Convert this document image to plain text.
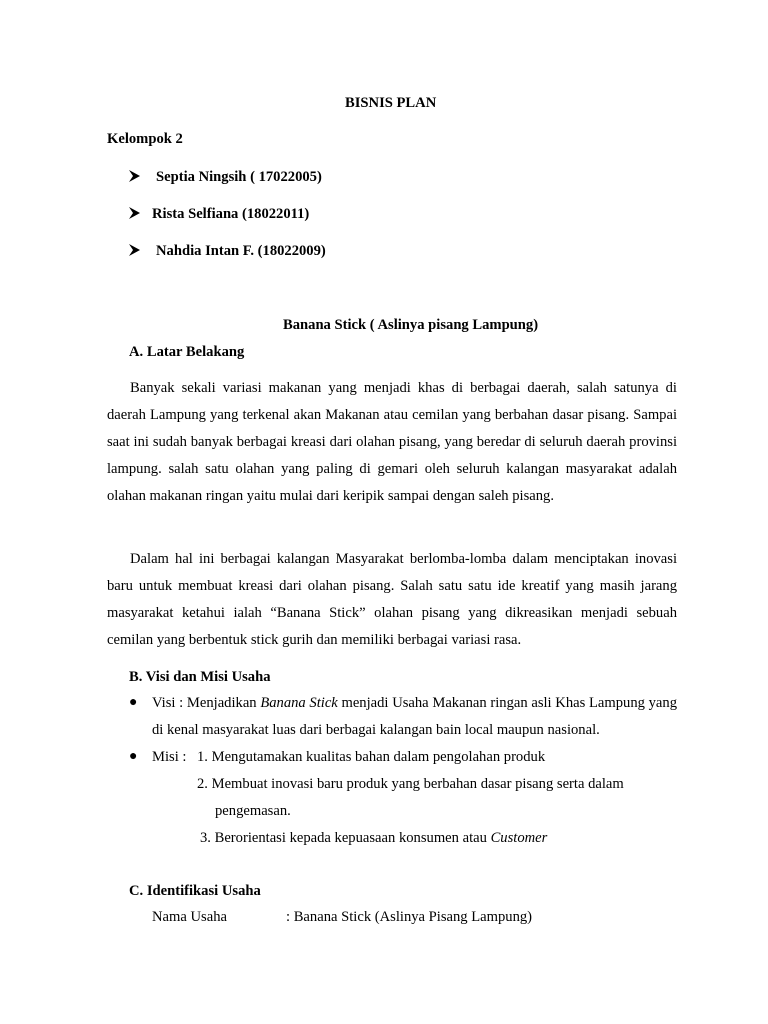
BISNIS PLAN
Kelompok 2
Septia Ningsih ( 17022005)
Rista Selfiana (18022011)
Nahdia Intan F. (18022009)
Banana Stick ( Aslinya pisang Lampung)
A. Latar Belakang

Banyak sekali variasi makanan yang menjadi khas di berbagai daerah, salah satunya di daerah Lampung yang terkenal akan Makanan atau cemilan yang berbahan dasar pisang. Sampai saat ini sudah banyak berbagai kreasi dari olahan pisang, yang beredar di seluruh daerah provinsi lampung. salah satu olahan yang paling di gemari oleh seluruh kalangan masyarakat adalah olahan makanan ringan yaitu mulai dari keripik sampai dengan saleh pisang.

Dalam hal ini berbagai kalangan Masyarakat berlomba-lomba dalam menciptakan inovasi baru untuk membuat kreasi dari olahan pisang. Salah satu satu ide kreatif yang masih jarang masyarakat ketahui ialah “Banana Stick” olahan pisang yang dikreasikan menjadi sebuah cemilan yang berbentuk stick gurih dan memiliki berbagai variasi rasa.

B. Visi dan Misi Usaha
● Visi : Menjadikan Banana Stick menjadi Usaha Makanan ringan asli Khas Lampung yang di kenal masyarakat luas dari berbagai kalangan bain local maupun nasional.

● Misi : 1. Mengutamakan kualitas bahan dalam pengolahan produk
2. Membuat inovasi baru produk yang berbahan dasar pisang serta dalam
pengemasan.
3. Berorientasi kepada kepuasaan konsumen atau Customer
C. Identifikasi Usaha
Nama Usaha	: Banana Stick (Aslinya Pisang Lampung)
